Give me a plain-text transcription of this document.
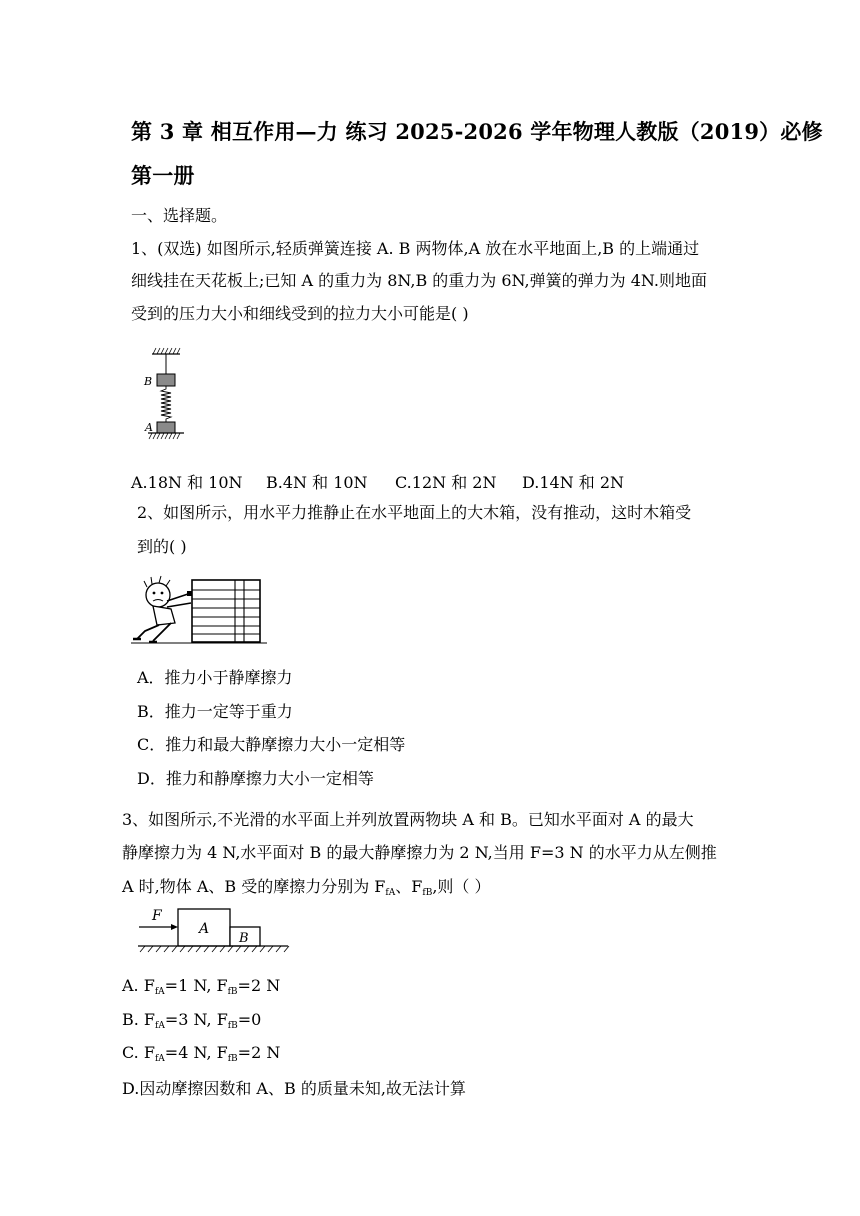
第 3 章 相互作用—力 练习 2025-2026 学年物理人教版（2019）必修
第一册
一、选择题。
1、(双选) 如图所示,轻质弹簧连接 A. B 两物体,A 放在水平地面上,B 的上端通过
细线挂在天花板上;已知 A 的重力为 8N,B 的重力为 6N,弹簧的弹力为 4N.则地面
受到的压力大小和细线受到的拉力大小可能是( )
B
A
A.18N 和 10N B.4N 和 10N C.12N 和 2N D.14N 和 2N
2、如图所示，用水平力推静止在水平地面上的大木箱，没有推动，这时木箱受
到的( )
A．推力小于静摩擦力
B．推力一定等于重力
C．推力和最大静摩擦力大小一定相等
D．推力和静摩擦力大小一定相等
3、如图所示,不光滑的水平面上并列放置两物块 A 和 B。已知水平面对 A 的最大
静摩擦力为 4 N,水平面对 B 的最大静摩擦力为 2 N,当用 F=3 N 的水平力从左侧推
A 时,物体 A、B 受的摩擦力分别为 $F_{fA}$、$F_{fB}$,则（ ）
F
A
B
A. $F_{fA}=1$ N, $F_{fB}=2$ N
B. $F_{fA}=3$ N, $F_{fB}=0$
C. $F_{fA}=4$ N, $F_{fB}=2$ N
D.因动摩擦因数和 A、B 的质量未知,故无法计算
